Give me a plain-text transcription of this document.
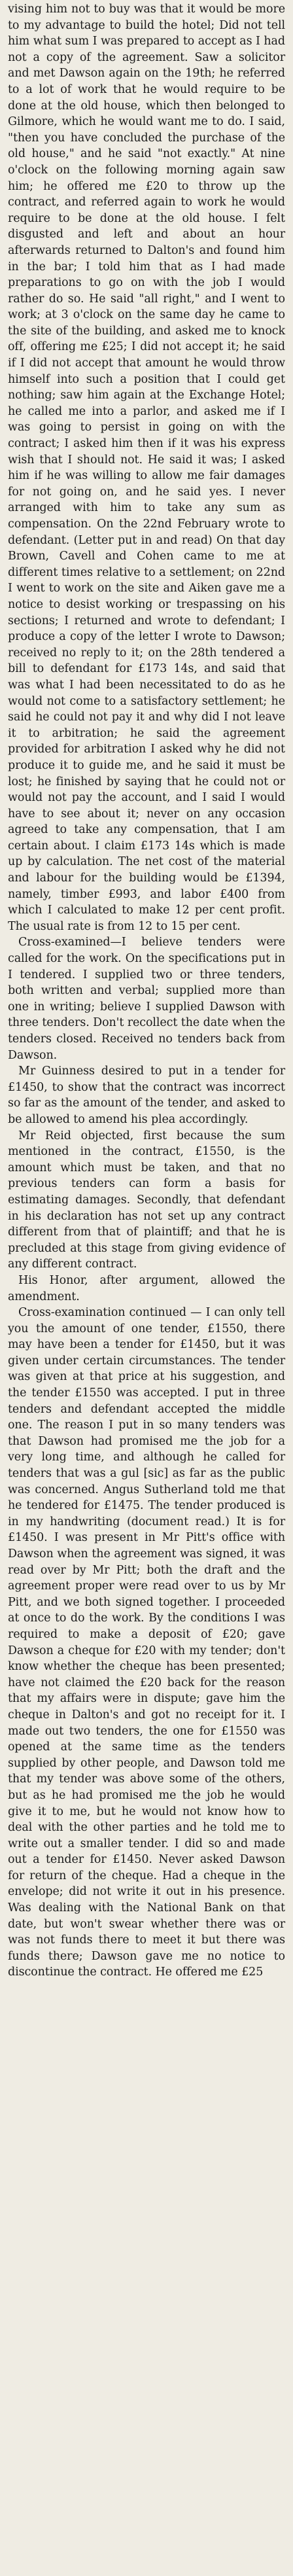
vising him not to buy was that it would be more to my advantage to build the hotel; Did not tell him what sum I was prepared to accept as I had not a copy of the agreement. Saw a solicitor and met Dawson again on the 19th; he referred to a lot of work that he would require to be done at the old house, which then belonged to Gilmore, which he would want me to do. I said, "then you have concluded the purchase of the old house," and he said "not exactly." At nine o'clock on the following morning again saw him; he offered me £20 to throw up the contract, and referred again to work he would require to be done at the old house. I felt disgusted and left and about an hour afterwards returned to Dalton's and found him in the bar; I told him that as I had made preparations to go on with the job I would rather do so. He said "all right," and I went to work; at 3 o'clock on the same day he came to the site of the building, and asked me to knock off, offering me £25; I did not accept it; he said if I did not accept that amount he would throw himself into such a position that I could get nothing; saw him again at the Exchange Hotel; he called me into a parlor, and asked me if I was going to persist in going on with the contract; I asked him then if it was his express wish that I should not. He said it was; I asked him if he was willing to allow me fair damages for not going on, and he said yes. I never arranged with him to take any sum as compensation. On the 22nd February wrote to defendant. (Letter put in and read) On that day Brown, Cavell and Cohen came to me at different times relative to a settlement; on 22nd I went to work on the site and Aiken gave me a notice to desist working or trespassing on his sections; I returned and wrote to defendant; I produce a copy of the letter I wrote to Dawson; received no reply to it; on the 28th tendered a bill to defendant for £173 14s, and said that was what I had been necessitated to do as he would not come to a satisfactory settlement; he said he could not pay it and why did I not leave it to arbitration; he said the agreement provided for arbitration I asked why he did not produce it to guide me, and he said it must be lost; he finished by saying that he could not or would not pay the account, and I said I would have to see about it; never on any occasion agreed to take any compensation, that I am certain about. I claim £173 14s which is made up by calculation. The net cost of the material and labour for the building would be £1394, namely, timber £993, and labor £400 from which I calculated to make 12 per cent profit. The usual rate is from 12 to 15 per cent.

Cross-examined—I believe tenders were called for the work. On the specifications put in I tendered. I supplied two or three tenders, both written and verbal; supplied more than one in writing; believe I supplied Dawson with three tenders. Don't recollect the date when the tenders closed. Received no tenders back from Dawson.

Mr Guinness desired to put in a tender for £1450, to show that the contract was incorrect so far as the amount of the tender, and asked to be allowed to amend his plea accordingly.

Mr Reid objected, first because the sum mentioned in the contract, £1550, is the amount which must be taken, and that no previous tenders can form a basis for estimating damages. Secondly, that defendant in his declaration has not set up any contract different from that of plaintiff; and that he is precluded at this stage from giving evidence of any different contract.

His Honor, after argument, allowed the amendment.

Cross-examination continued — I can only tell you the amount of one tender, £1550, there may have been a tender for £1450, but it was given under certain circumstances. The tender was given at that price at his suggestion, and the tender £1550 was accepted. I put in three tenders and defendant accepted the middle one. The reason I put in so many tenders was that Dawson had promised me the job for a very long time, and although he called for tenders that was a gul [sic] as far as the public was concerned. Angus Sutherland told me that he tendered for £1475. The tender produced is in my handwriting (document read.) It is for £1450. I was present in Mr Pitt's office with Dawson when the agreement was signed, it was read over by Mr Pitt; both the draft and the agreement proper were read over to us by Mr Pitt, and we both signed together. I proceeded at once to do the work. By the conditions I was required to make a deposit of £20; gave Dawson a cheque for £20 with my tender; don't know whether the cheque has been presented; have not claimed the £20 back for the reason that my affairs were in dispute; gave him the cheque in Dalton's and got no receipt for it. I made out two tenders, the one for £1550 was opened at the same time as the tenders supplied by other people, and Dawson told me that my tender was above some of the others, but as he had promised me the job he would give it to me, but he would not know how to deal with the other parties and he told me to write out a smaller tender. I did so and made out a tender for £1450. Never asked Dawson for return of the cheque. Had a cheque in the envelope; did not write it out in his presence. Was dealing with the National Bank on that date, but won't swear whether there was or was not funds there to meet it but there was funds there; Dawson gave me no notice to discontinue the contract. He offered me £25
